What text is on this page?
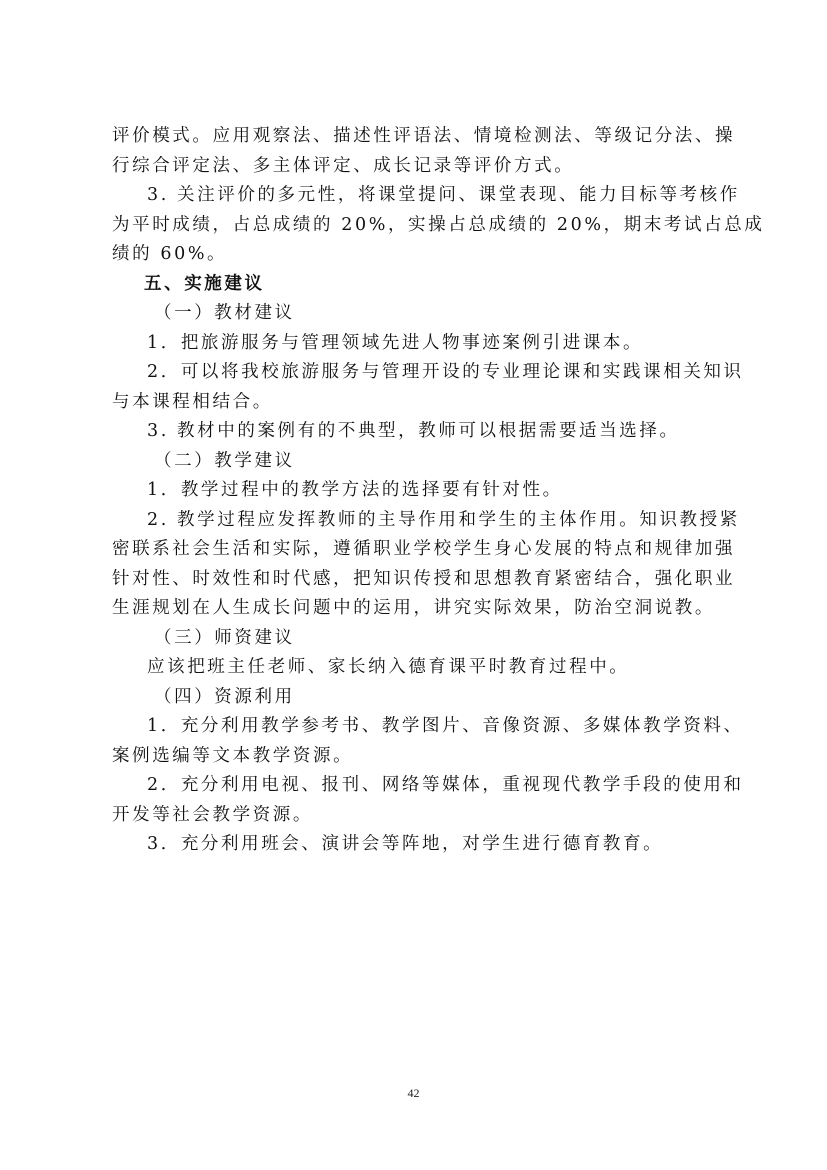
评价模式。应用观察法、描述性评语法、情境检测法、等级记分法、操
行综合评定法、多主体评定、成长记录等评价方式。
3. 关注评价的多元性，将课堂提问、课堂表现、能力目标等考核作
为平时成绩，占总成绩的 20%，实操占总成绩的 20%，期末考试占总成
绩的 60%。
五、实施建议
（一）教材建议
1．把旅游服务与管理领域先进人物事迹案例引进课本。
2．可以将我校旅游服务与管理开设的专业理论课和实践课相关知识
与本课程相结合。
3. 教材中的案例有的不典型，教师可以根据需要适当选择。
（二）教学建议
1．教学过程中的教学方法的选择要有针对性。
2. 教学过程应发挥教师的主导作用和学生的主体作用。知识教授紧
密联系社会生活和实际，遵循职业学校学生身心发展的特点和规律加强
针对性、时效性和时代感，把知识传授和思想教育紧密结合，强化职业
生涯规划在人生成长问题中的运用，讲究实际效果，防治空洞说教。
（三）师资建议
应该把班主任老师、家长纳入德育课平时教育过程中。
（四）资源利用
1．充分利用教学参考书、教学图片、音像资源、多媒体教学资料、
案例选编等文本教学资源。
2．充分利用电视、报刊、网络等媒体，重视现代教学手段的使用和
开发等社会教学资源。
3．充分利用班会、演讲会等阵地，对学生进行德育教育。
42
